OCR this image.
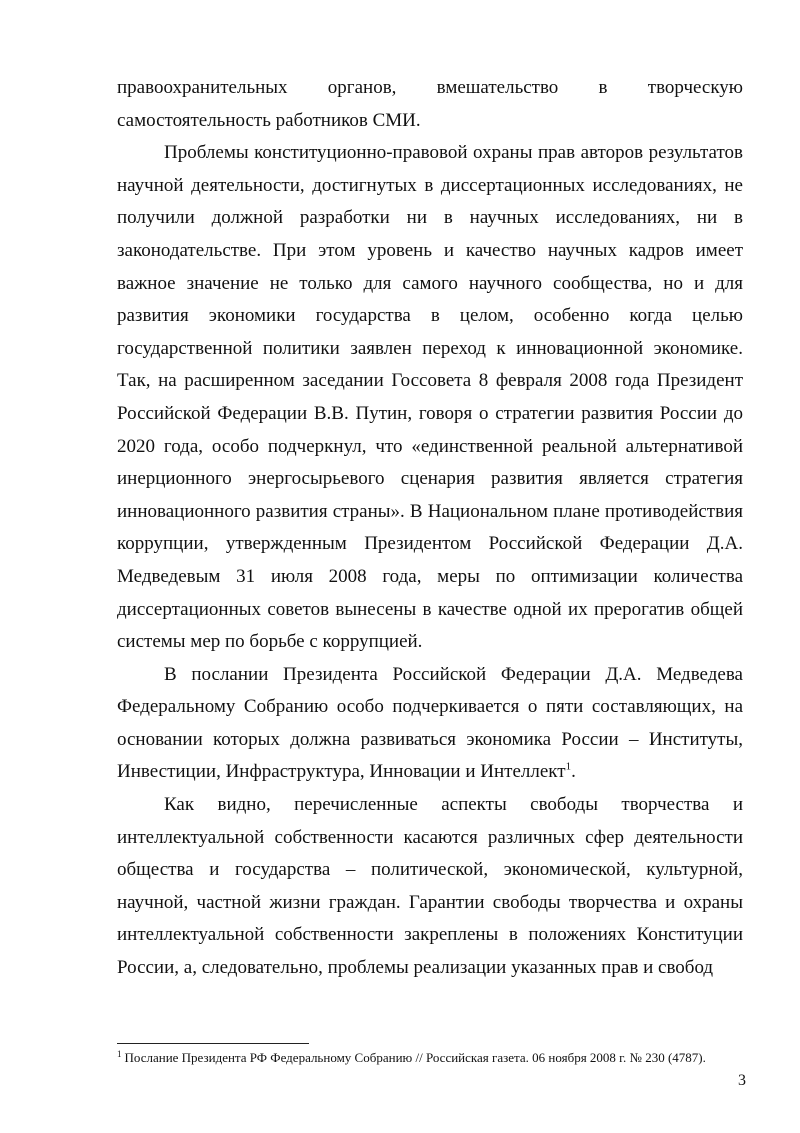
правоохранительных органов, вмешательство в творческую самостоятельность работников СМИ.

Проблемы конституционно-правовой охраны прав авторов результатов научной деятельности, достигнутых в диссертационных исследованиях, не получили должной разработки ни в научных исследованиях, ни в законодательстве. При этом уровень и качество научных кадров имеет важное значение не только для самого научного сообщества, но и для развития экономики государства в целом, особенно когда целью государственной политики заявлен переход к инновационной экономике. Так, на расширенном заседании Госсовета 8 февраля 2008 года Президент Российской Федерации В.В. Путин, говоря о стратегии развития России до 2020 года, особо подчеркнул, что «единственной реальной альтернативой инерционного энергосырьевого сценария развития является стратегия инновационного развития страны». В Национальном плане противодействия коррупции, утвержденным Президентом Российской Федерации Д.А. Медведевым 31 июля 2008 года, меры по оптимизации количества диссертационных советов вынесены в качестве одной их прерогатив общей системы мер по борьбе с коррупцией.

В послании Президента Российской Федерации Д.А. Медведева Федеральному Собранию особо подчеркивается о пяти составляющих, на основании которых должна развиваться экономика России – Институты, Инвестиции, Инфраструктура, Инновации и Интеллект$^1$.

Как видно, перечисленные аспекты свободы творчества и интеллектуальной собственности касаются различных сфер деятельности общества и государства – политической, экономической, культурной, научной, частной жизни граждан. Гарантии свободы творчества и охраны интеллектуальной собственности закреплены в положениях Конституции России, а, следовательно, проблемы реализации указанных прав и свобод

$^1$ Послание Президента РФ Федеральному Собранию // Российская газета. 06 ноября 2008 г. № 230 (4787).

3
